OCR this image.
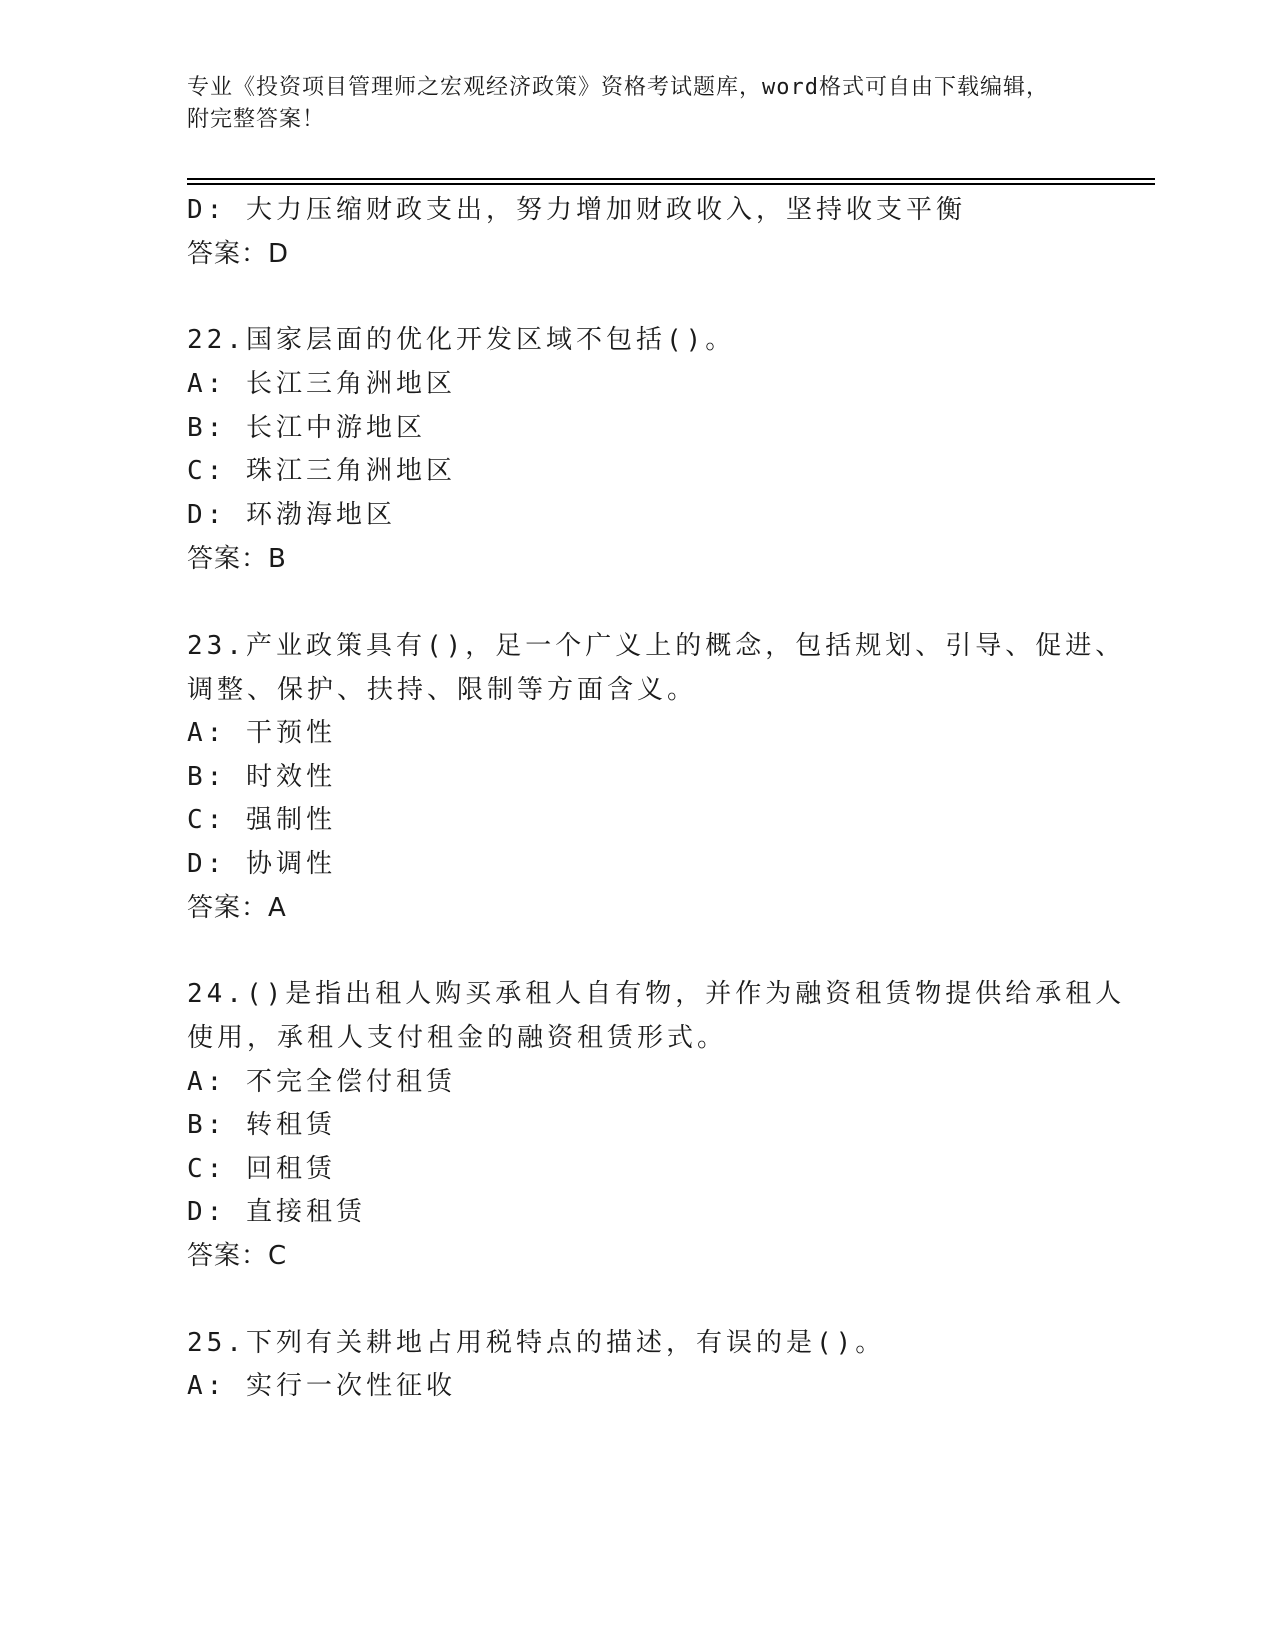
专业《投资项目管理师之宏观经济政策》资格考试题库，word格式可自由下载编辑，附完整答案！
D: 大力压缩财政支出，努力增加财政收入，坚持收支平衡
答案：D
22.国家层面的优化开发区域不包括()。
A: 长江三角洲地区
B: 长江中游地区
C: 珠江三角洲地区
D: 环渤海地区
答案：B
23.产业政策具有()，足一个广义上的概念，包括规划、引导、促进、
调整、保护、扶持、限制等方面含义。
A: 干预性
B: 时效性
C: 强制性
D: 协调性
答案：A
24.()是指出租人购买承租人自有物，并作为融资租赁物提供给承租人
使用，承租人支付租金的融资租赁形式。
A: 不完全偿付租赁
B: 转租赁
C: 回租赁
D: 直接租赁
答案：C
25.下列有关耕地占用税特点的描述，有误的是()。
A: 实行一次性征收
